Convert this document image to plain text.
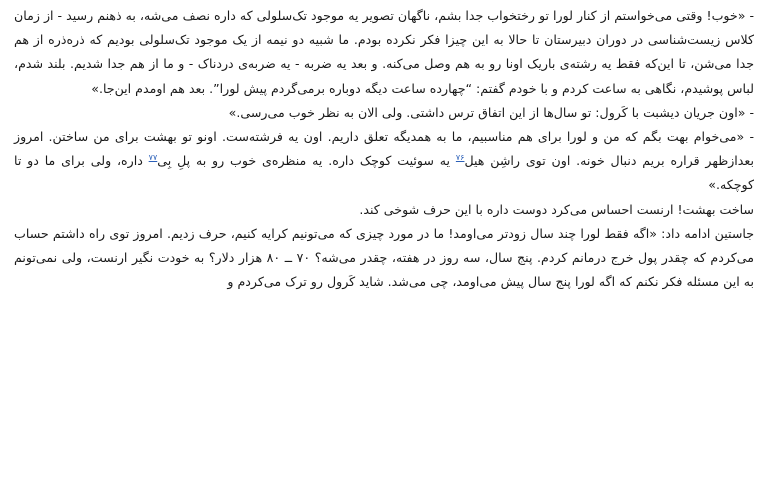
- «خوب! وقتی می‌خواستم از کنار لورا تو رختخواب جدا بشم، ناگهان تصویر یه موجود تک‌سلولی که داره نصف می‌شه، به ذهنم رسید - از زمان کلاس زیست‌شناسی در دوران دبیرستان تا حالا به این چیزا فکر نکرده بودم. ما شبیه دو نیمه از یک موجود تک‌سلولی بودیم که ذره‌ذره از هم جدا می‌شن، تا این‌که فقط یه رشته‌ی باریک اونا رو به هم وصل می‌کنه. و بعد یه ضربه - یه ضربه‌ی دردناک - و ما از هم جدا شدیم. بلند شدم، لباس پوشیدم، نگاهی به ساعت کردم و با خودم گفتم: “چهارده ساعت دیگه دوباره برمی‌گردم پیش لورا”. بعد هم اومدم این‌جا.»

- «اون جریان دیشبت با کَرول: تو سال‌ها از این اتفاق ترس داشتی. ولی الان به نظر خوب می‌رسی.»

- «می‌خوام بهت بگم که من و لورا برای هم مناسبیم، ما به همدیگه تعلق داریم. اون یه فرشته‌ست. اونو تو بهشت برای من ساختن. امروز بعدازظهر قراره بریم دنبال خونه. اون توی راشِن هیل$^{۷۶}$ یه سوئیت کوچک داره. یه منظره‌ی خوب رو به پلِ بِی$^{۷۷}$ داره، ولی برای ما دو تا کوچکه.»

ساخت بهشت! ارنست احساس می‌کرد دوست داره با این حرف شوخی کند.

جاستین ادامه داد: «اگه فقط لورا چند سال زودتر می‌اومد! ما در مورد چیزی که می‌تونیم کرایه کنیم، حرف زدیم. امروز توی راه داشتم حساب می‌کردم که چقدر پول خرج درمانم کردم. پنج سال، سه روز در هفته، چقدر می‌شه؟ ۷۰ ــ ۸۰ هزار دلار؟ به خودت نگیر ارنست، ولی نمی‌تونم به این مسئله فکر نکنم که اگه لورا پنج سال پیش می‌اومد، چی می‌شد. شاید کَرول رو ترک می‌کردم و
